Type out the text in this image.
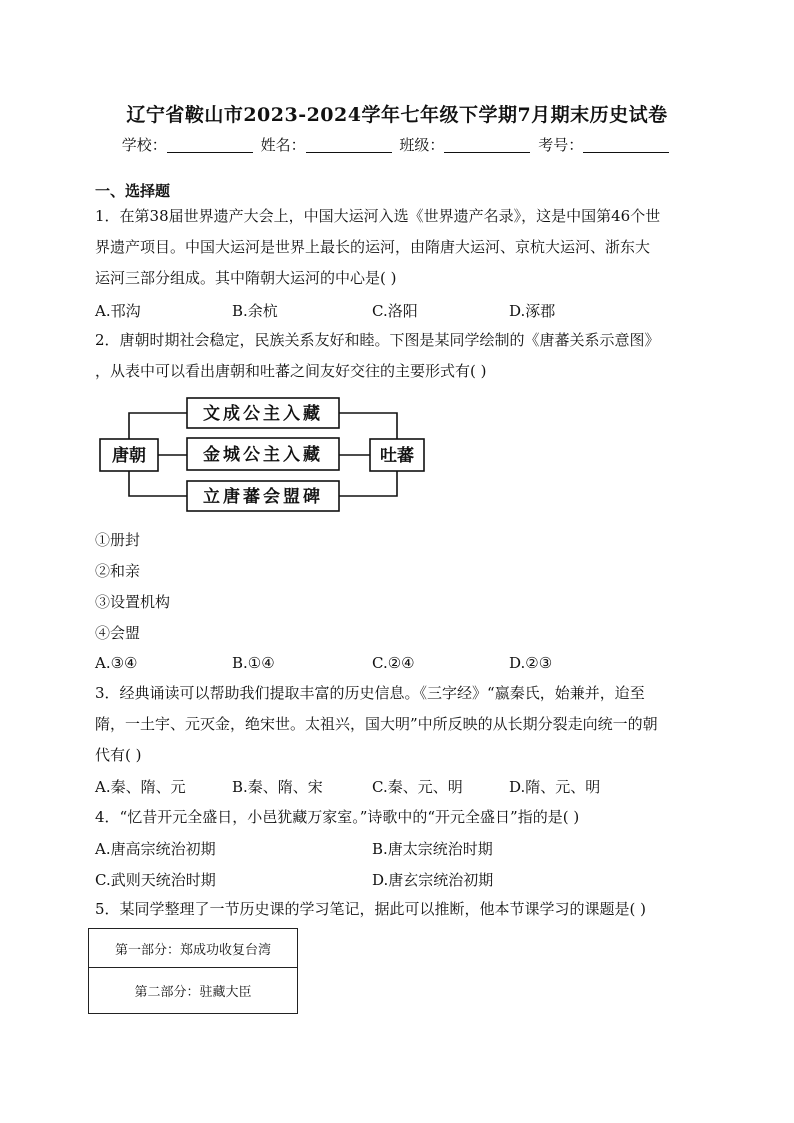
辽宁省鞍山市2023-2024学年七年级下学期7月期末历史试卷
学校：	姓名：	班级：	考号：
一、选择题
1．在第38届世界遗产大会上，中国大运河入选《世界遗产名录》，这是中国第46个世
界遗产项目。中国大运河是世界上最长的运河，由隋唐大运河、京杭大运河、浙东大
运河三部分组成。其中隋朝大运河的中心是( )
A.邗沟	B.余杭	C.洛阳	D.涿郡
2．唐朝时期社会稳定，民族关系友好和睦。下图是某同学绘制的《唐蕃关系示意图》
，从表中可以看出唐朝和吐蕃之间友好交往的主要形式有( )
唐朝	吐蕃
文成公主入藏
金城公主入藏
立唐蕃会盟碑
①册封
②和亲
③设置机构
④会盟
A.③④	B.①④	C.②④	D.②③
3．经典诵读可以帮助我们提取丰富的历史信息。《三字经》“嬴秦氏，始兼并，迨至
隋，一土宇、元灭金，绝宋世。太祖兴，国大明”中所反映的从长期分裂走向统一的朝
代有( )
A.秦、隋、元	B.秦、隋、宋	C.秦、元、明	D.隋、元、明
4．“忆昔开元全盛日，小邑犹藏万家室。”诗歌中的“开元全盛日”指的是( )
A.唐高宗统治初期	B.唐太宗统治时期
C.武则天统治时期	D.唐玄宗统治初期
5．某同学整理了一节历史课的学习笔记，据此可以推断，他本节课学习的课题是( )
第一部分：郑成功收复台湾
第二部分：驻藏大臣
